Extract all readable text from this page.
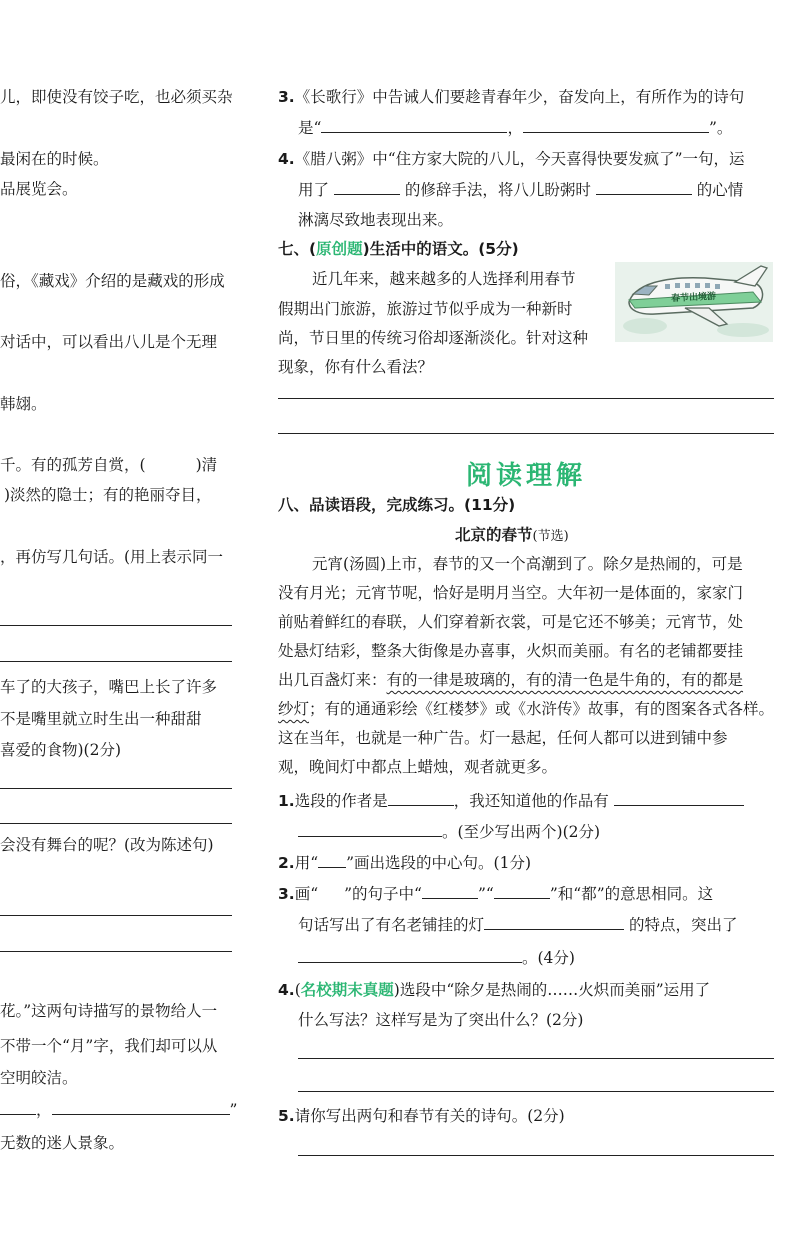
儿，即使没有饺子吃，也必须买杂
最闲在的时候。
品展览会。
俗，《藏戏》介绍的是藏戏的形成
对话中，可以看出八儿是个无理
韩翃。
千。有的孤芳自赏，(	)清
)淡然的隐士；有的艳丽夺目，
，再仿写几句话。(用上表示同一
车了的大孩子，嘴巴上长了许多
不是嘴里就立时生出一种甜甜
喜爱的食物)(2分)
会没有舞台的呢？(改为陈述句)
花。”这两句诗描写的景物给人一
不带一个“月”字，我们却可以从
空明皎洁。
，	”
无数的迷人景象。
3.《长歌行》中告诫人们要趁青春年少，奋发向上，有所作为的诗句
是“	，	”。
4.《腊八粥》中“住方家大院的八儿，今天喜得快要发疯了”一句，运
用了	的修辞手法，将八儿盼粥时	的心情
淋漓尽致地表现出来。
七、(原创题)生活中的语文。(5分)
近几年来，越来越多的人选择利用春节
假期出门旅游，旅游过节似乎成为一种新时
尚，节日里的传统习俗却逐渐淡化。针对这种
现象，你有什么看法？
春节出境游
阅读理解
八、品读语段，完成练习。(11分)
北京的春节(节选)
元宵(汤圆)上市，春节的又一个高潮到了。除夕是热闹的，可是
没有月光；元宵节呢，恰好是明月当空。大年初一是体面的，家家门
前贴着鲜红的春联，人们穿着新衣裳，可是它还不够美；元宵节，处
处悬灯结彩，整条大街像是办喜事，火炽而美丽。有名的老铺都要挂
出几百盏灯来：有的一律是玻璃的，有的清一色是牛角的，有的都是
纱灯；有的通通彩绘《红楼梦》或《水浒传》故事，有的图案各式各样。
这在当年，也就是一种广告。灯一悬起，任何人都可以进到铺中参
观，晚间灯中都点上蜡烛，观者就更多。
1.选段的作者是	，我还知道他的作品有
。(至少写出两个)(2分)
2.用“ ”画出选段的中心句。(1分)
3.画“ ”的句子中“	”“	”和“都”的意思相同。这
句话写出了有名老铺挂的灯	的特点，突出了
。(4分)
4.(名校期末真题)选段中“除夕是热闹的……火炽而美丽”运用了
什么写法？这样写是为了突出什么？(2分)
5.请你写出两句和春节有关的诗句。(2分)
